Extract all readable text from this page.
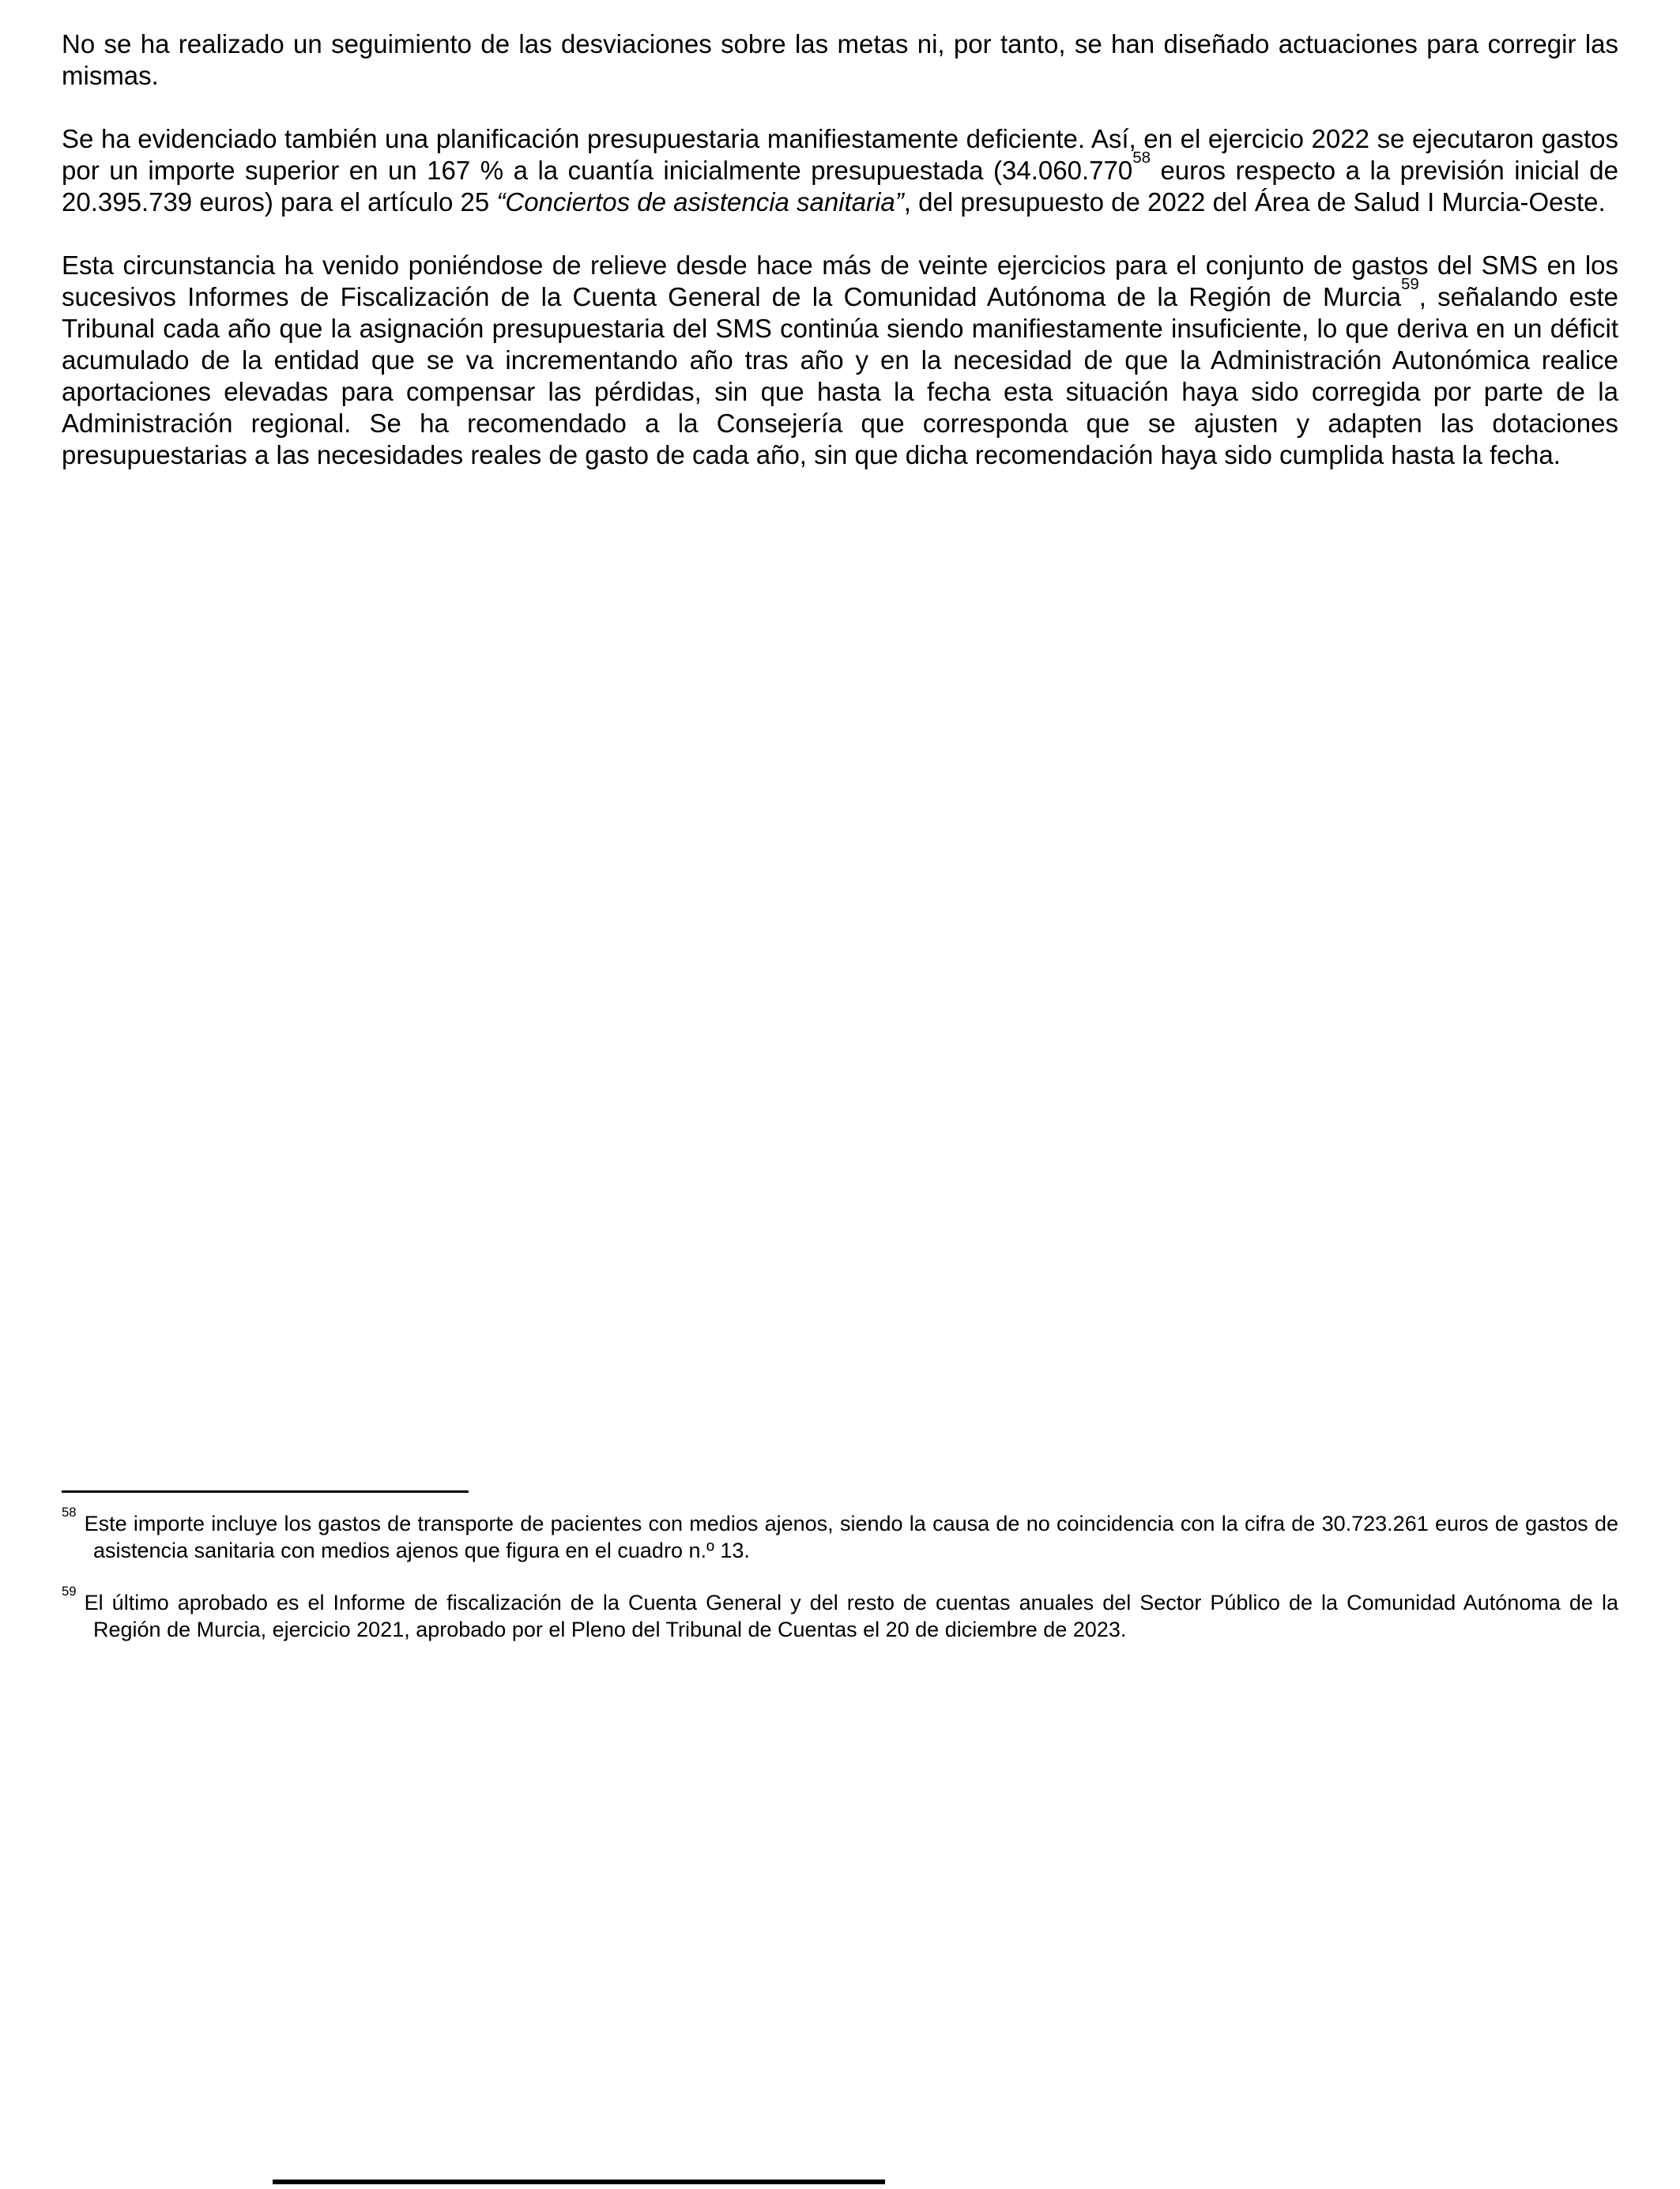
No se ha realizado un seguimiento de las desviaciones sobre las metas ni, por tanto, se han diseñado actuaciones para corregir las mismas.

Se ha evidenciado también una planificación presupuestaria manifiestamente deficiente. Así, en el ejercicio 2022 se ejecutaron gastos por un importe superior en un 167 % a la cuantía inicialmente presupuestada (34.060.770$^{58}$ euros respecto a la previsión inicial de 20.395.739 euros) para el artículo 25 “Conciertos de asistencia sanitaria”, del presupuesto de 2022 del Área de Salud I Murcia-Oeste.

Esta circunstancia ha venido poniéndose de relieve desde hace más de veinte ejercicios para el conjunto de gastos del SMS en los sucesivos Informes de Fiscalización de la Cuenta General de la Comunidad Autónoma de la Región de Murcia$^{59}$, señalando este Tribunal cada año que la asignación presupuestaria del SMS continúa siendo manifiestamente insuficiente, lo que deriva en un déficit acumulado de la entidad que se va incrementando año tras año y en la necesidad de que la Administración Autonómica realice aportaciones elevadas para compensar las pérdidas, sin que hasta la fecha esta situación haya sido corregida por parte de la Administración regional. Se ha recomendado a la Consejería que corresponda que se ajusten y adapten las dotaciones presupuestarias a las necesidades reales de gasto de cada año, sin que dicha recomendación haya sido cumplida hasta la fecha.

$^{58}$ Este importe incluye los gastos de transporte de pacientes con medios ajenos, siendo la causa de no coincidencia con la cifra de 30.723.261 euros de gastos de asistencia sanitaria con medios ajenos que figura en el cuadro n.º 13.
$^{59}$ El último aprobado es el Informe de fiscalización de la Cuenta General y del resto de cuentas anuales del Sector Público de la Comunidad Autónoma de la Región de Murcia, ejercicio 2021, aprobado por el Pleno del Tribunal de Cuentas el 20 de diciembre de 2023.
